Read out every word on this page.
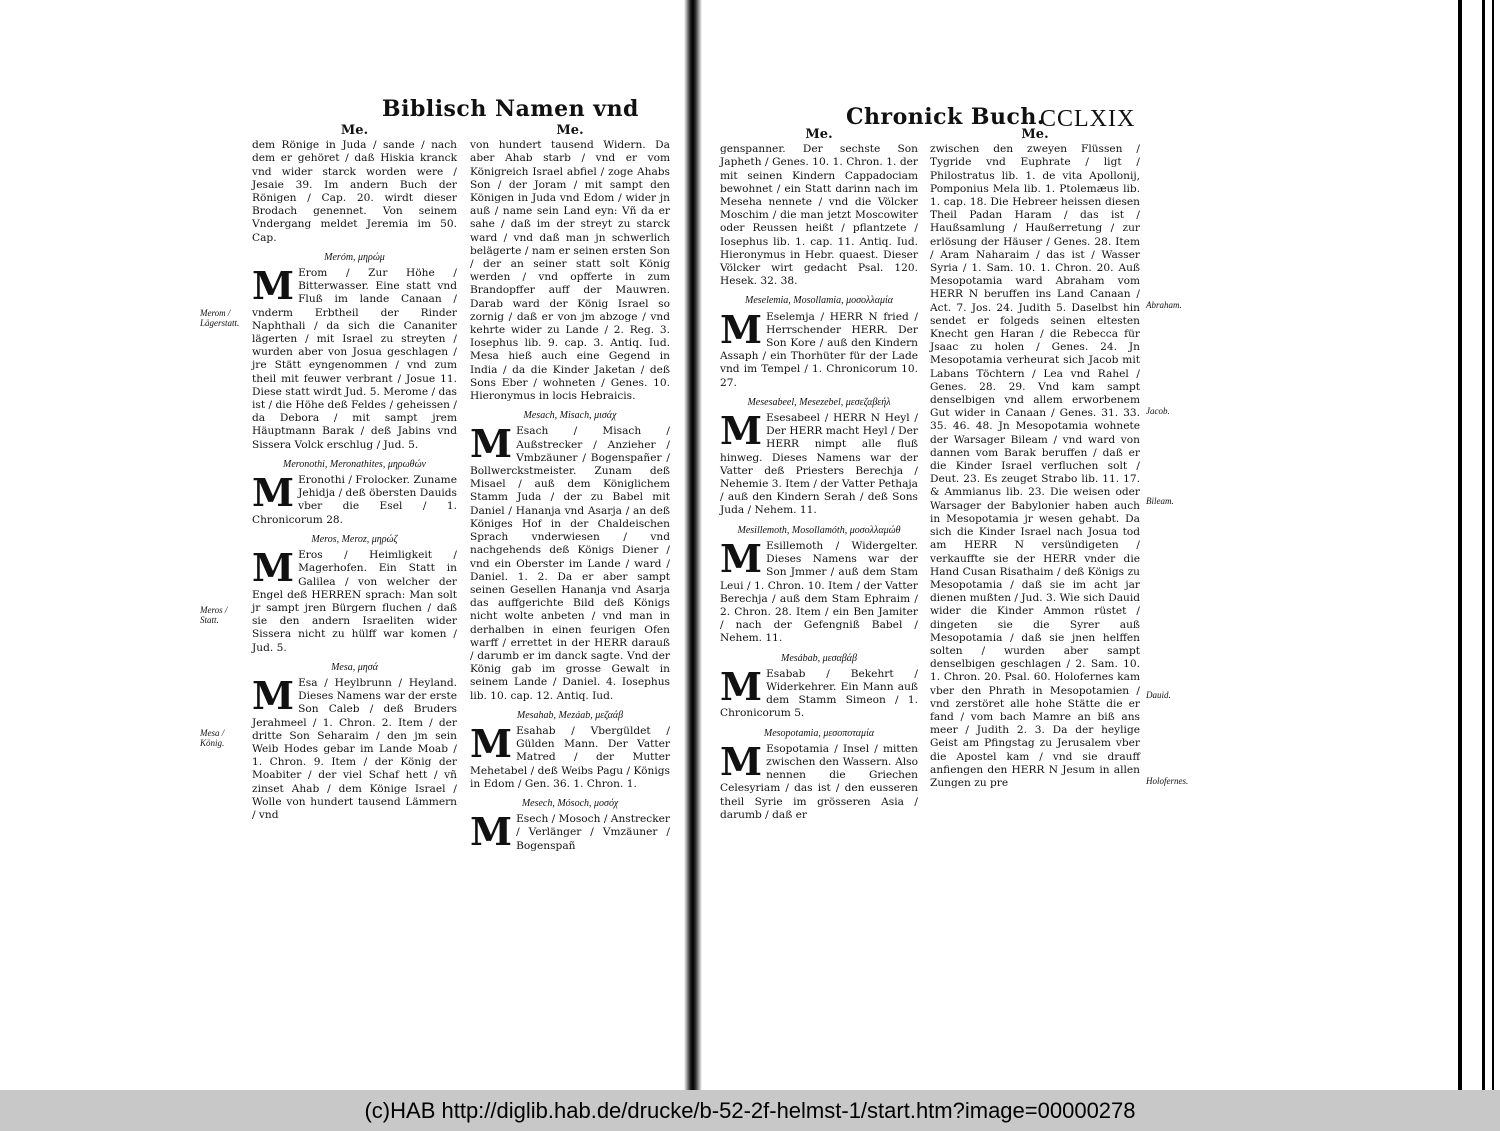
Biblisch Namen vnd
Me.
dem Rönige in Juda / sande / nach dem er gehöret / daß Hiskia kranck vnd wider starck worden were / Jesaie 39. Im andern Buch der Rönigen / Cap. 20. wirdt dieser Brodach genennet. Von seinem Vndergang meldet Jeremia im 50. Cap.
Meróm, μηρώμ
M Erom / Zur Höhe / Bitterwasser. Eine statt vnd Fluß im lande Canaan / vnderm Erbtheil der Rinder Naphthali / da sich die Cananiter lägerten / mit Israel zu streyten / wurden aber von Josua geschlagen / jre Stätt eyngenommen / vnd zum theil mit feuwer verbrant / Josue 11. Diese statt wirdt Jud. 5. Merome / das ist / die Höhe deß Feldes / geheissen / da Debora / mit sampt jrem Häuptmann Barak / deß Jabins vnd Sissera Volck erschlug / Jud. 5.
Meronothi, Meronathites, μηρωθών
M Eronothi / Frolocker. Zuname Jehidja / deß öbersten Dauids vber die Esel / 1. Chronicorum 28.
Meros, Meroz, μηρώζ
M Eros / Heimligkeit / Magerhofen. Ein Statt in Galilea / von welcher der Engel deß HERREN sprach: Man solt jr sampt jren Bürgern fluchen / daß sie den andern Israeliten wider Sissera nicht zu hülff war komen / Jud. 5.
Mesa, μησά
M Esa / Heylbrunn / Heyland. Dieses Namens war der erste Son Caleb / deß Bruders Jerahmeel / 1. Chron. 2. Item / der dritte Son Seharaim / den jm sein Weib Hodes gebar im Lande Moab / 1. Chron. 9. Item / der König der Moabiter / der viel Schaf hett / vñ zinset Ahab / dem Könige Israel / Wolle von hundert tausend Lämmern / vnd
Me.
von hundert tausend Widern. Da aber Ahab starb / vnd er vom Königreich Israel abfiel / zoge Ahabs Son / der Joram / mit sampt den Königen in Juda vnd Edom / wider jn auß / name sein Land eyn: Vñ da er sahe / daß im der streyt zu starck ward / vnd daß man jn schwerlich belägerte / nam er seinen ersten Son / der an seiner statt solt König werden / vnd opfferte in zum Brandopffer auff der Mauwren. Darab ward der König Israel so zornig / daß er von jm abzoge / vnd kehrte wider zu Lande / 2. Reg. 3. Iosephus lib. 9. cap. 3. Antiq. Iud. Mesa hieß auch eine Gegend in India / da die Kinder Jaketan / deß Sons Eber / wohneten / Genes. 10. Hieronymus in locis Hebraicis.
Mesach, Misach, μισάχ
M Esach / Misach / Außstrecker / Anzieher / Vmbzäuner / Bogenspañer / Bollwerckstmeister. Zunam deß Misael / auß dem Königlichem Stamm Juda / der zu Babel mit Daniel / Hananja vnd Asarja / an deß Königes Hof in der Chaldeischen Sprach vnderwiesen / vnd nachgehends deß Königs Diener / vnd ein Oberster im Lande / ward / Daniel. 1. 2. Da er aber sampt seinen Gesellen Hananja vnd Asarja das auffgerichte Bild deß Königs nicht wolte anbeten / vnd man in derhalben in einen feurigen Ofen warff / errettet in der HERR darauß / darumb er im danck sagte. Vnd der König gab im grosse Gewalt in seinem Lande / Daniel. 4. Iosephus lib. 10. cap. 12. Antiq. Iud.
Mesahab, Mezáab, μεζαάβ
M Esahab / Vbergüldet / Gülden Mann. Der Vatter Matred / der Mutter Mehetabel / deß Weibs Pagu / Königs in Edom / Gen. 36. 1. Chron. 1.
Mesech, Mósoch, μοσόχ
M Esech / Mosoch / Anstrecker / Verlänger / Vmzäuner / Bogenspañ
Merom / Lägerstatt.
Meros / Statt.
Mesa / König.
Chronick Buch.
CCLXIX
Me.
genspanner. Der sechste Son Japheth / Genes. 10. 1. Chron. 1. der mit seinen Kindern Cappadociam bewohnet / ein Statt darinn nach im Meseha nennete / vnd die Völcker Moschim / die man jetzt Moscowiter oder Reussen heißt / pflantzete / Iosephus lib. 1. cap. 11. Antiq. Iud. Hieronymus in Hebr. quaest. Dieser Völcker wirt gedacht Psal. 120. Hesek. 32. 38.
Meselemia, Mosollamia, μοσολλαμία
M Eselemja / HERR N fried / Herrschender HERR. Der Son Kore / auß den Kindern Assaph / ein Thorhüter für der Lade vnd im Tempel / 1. Chronicorum 10. 27.
Mesesabeel, Mesezebel, μεσεζαβεήλ
M Esesabeel / HERR N Heyl / Der HERR macht Heyl / Der HERR nimpt alle fluß hinweg. Dieses Namens war der Vatter deß Priesters Berechja / Nehemie 3. Item / der Vatter Pethaja / auß den Kindern Serah / deß Sons Juda / Nehem. 11.
Mesillemoth, Mosollamóth, μοσολλαμώθ
M Esillemoth / Widergelter. Dieses Namens war der Son Jmmer / auß dem Stam Leui / 1. Chron. 10. Item / der Vatter Berechja / auß dem Stam Ephraim / 2. Chron. 28. Item / ein Ben Jamiter / nach der Gefengniß Babel / Nehem. 11.
Mesábab, μεσαβάβ
M Esabab / Bekehrt / Widerkehrer. Ein Mann auß dem Stamm Simeon / 1. Chronicorum 5.
Mesopotamia, μεσοποταμία
M Esopotamia / Insel / mitten zwischen den Wassern. Also nennen die Griechen Celesyriam / das ist / den eusseren theil Syrie im grösseren Asia / darumb / daß er
Me.
zwischen den zweyen Flüssen / Tygride vnd Euphrate / ligt / Philostratus lib. 1. de vita Apollonij, Pomponius Mela lib. 1. Ptolemæus lib. 1. cap. 18. Die Hebreer heissen diesen Theil Padan Haram / das ist / Haußsamlung / Haußerretung / zur erlösung der Häuser / Genes. 28. Item / Aram Naharaim / das ist / Wasser Syria / 1. Sam. 10. 1. Chron. 20. Auß Mesopotamia ward Abraham vom HERR N beruffen ins Land Canaan / Act. 7. Jos. 24. Judith 5. Daselbst hin sendet er folgeds seinen eltesten Knecht gen Haran / die Rebecca für Jsaac zu holen / Genes. 24. Jn Mesopotamia verheurat sich Jacob mit Labans Töchtern / Lea vnd Rahel / Genes. 28. 29. Vnd kam sampt denselbigen vnd allem erworbenem Gut wider in Canaan / Genes. 31. 33. 35. 46. 48. Jn Mesopotamia wohnete der Warsager Bileam / vnd ward von dannen vom Barak beruffen / daß er die Kinder Israel verfluchen solt / Deut. 23. Es zeuget Strabo lib. 11. 17. & Ammianus lib. 23. Die weisen oder Warsager der Babylonier haben auch in Mesopotamia jr wesen gehabt. Da sich die Kinder Israel nach Josua tod am HERR N versündigeten / verkauffte sie der HERR vnder die Hand Cusan Risathaim / deß Königs zu Mesopotamia / daß sie im acht jar dienen mußten / Jud. 3. Wie sich Dauid wider die Kinder Ammon rüstet / dingeten sie die Syrer auß Mesopotamia / daß sie jnen helffen solten / wurden aber sampt denselbigen geschlagen / 2. Sam. 10. 1. Chron. 20. Psal. 60. Holofernes kam vber den Phrath in Mesopotamien / vnd zerstöret alle hohe Stätte die er fand / vom bach Mamre an biß ans meer / Judith 2. 3. Da der heylige Geist am Pfingstag zu Jerusalem vber die Apostel kam / vnd sie drauff anfiengen den HERR N Jesum in allen Zungen zu pre
Abraham.
Jacob.
Bileam.
Dauid.
Holofernes.
(c)HAB http://diglib.hab.de/drucke/b-52-2f-helmst-1/start.htm?image=00000278
